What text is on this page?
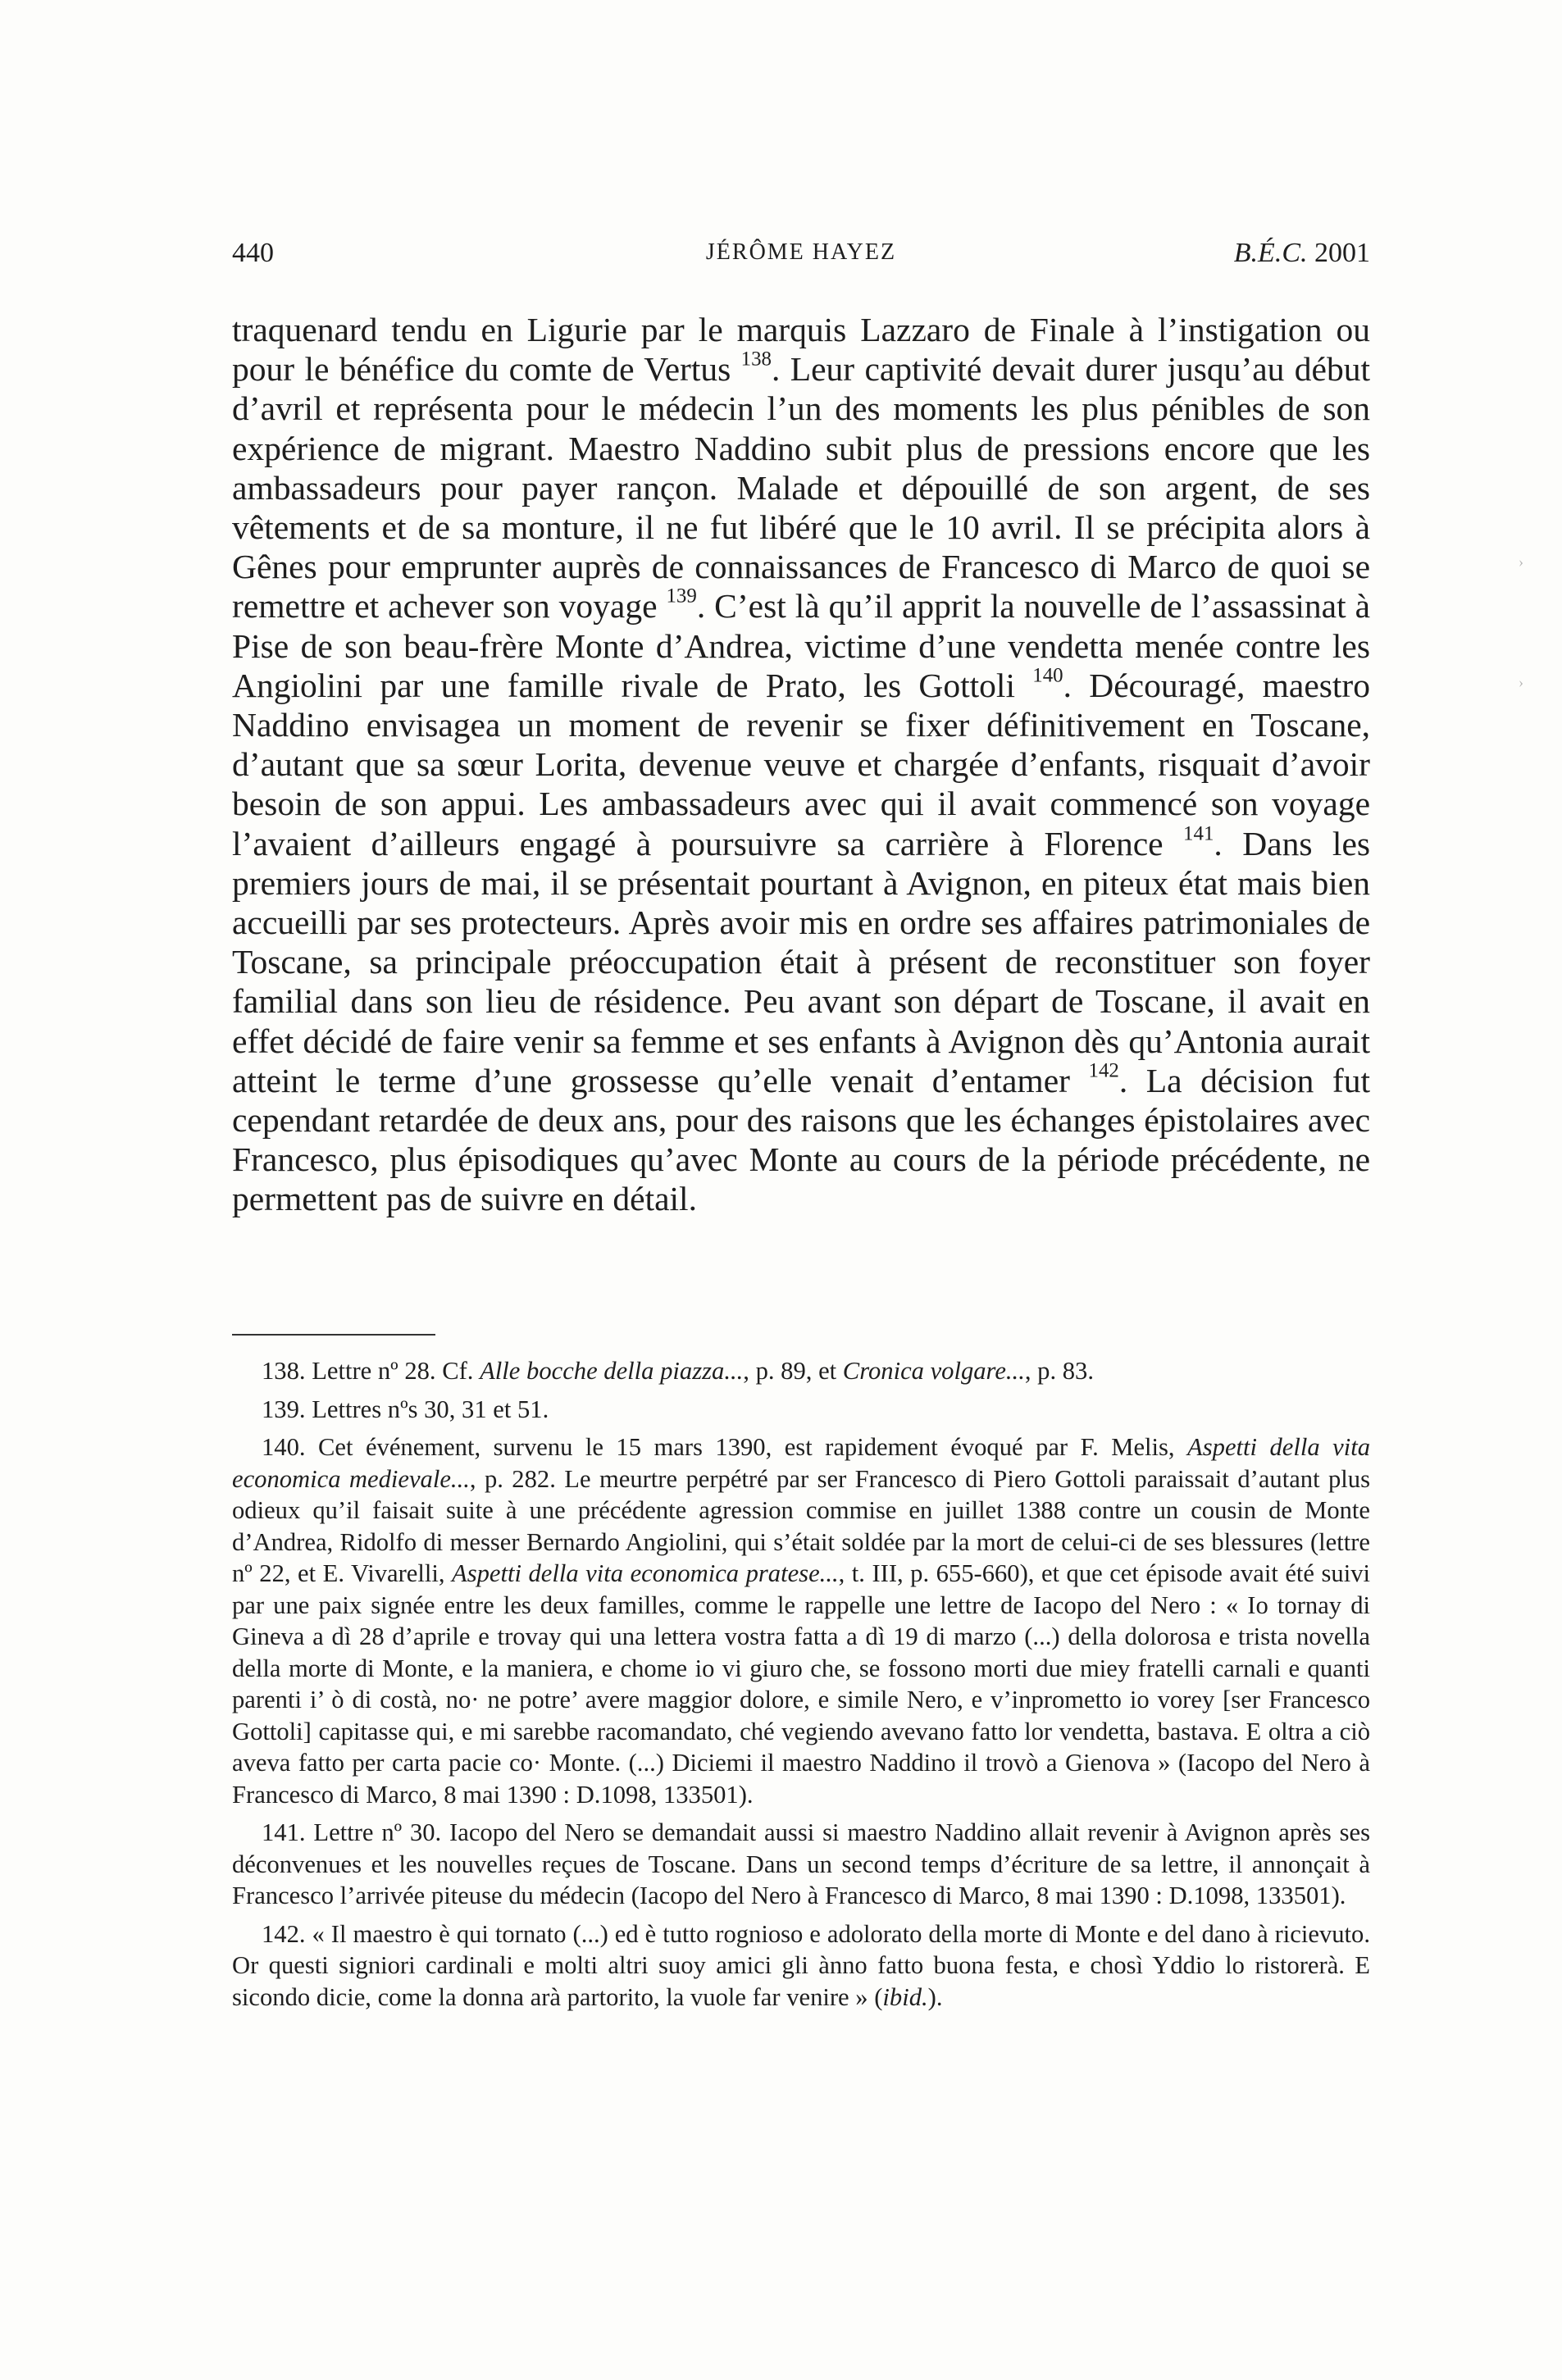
440	JÉRÔME HAYEZ	B.É.C. 2001

traquenard tendu en Ligurie par le marquis Lazzaro de Finale à l’instigation ou pour le bénéfice du comte de Vertus $^{138}$. Leur captivité devait durer jusqu’au début d’avril et représenta pour le médecin l’un des moments les plus pénibles de son expérience de migrant. Maestro Naddino subit plus de pressions encore que les ambassadeurs pour payer rançon. Malade et dépouillé de son argent, de ses vêtements et de sa monture, il ne fut libéré que le 10 avril. Il se précipita alors à Gênes pour emprunter auprès de connaissances de Francesco di Marco de quoi se remettre et achever son voyage $^{139}$. C’est là qu’il apprit la nouvelle de l’assassinat à Pise de son beau-frère Monte d’Andrea, victime d’une vendetta menée contre les Angiolini par une famille rivale de Prato, les Gottoli $^{140}$. Découragé, maestro Naddino envisagea un moment de revenir se fixer définitivement en Toscane, d’autant que sa sœur Lorita, devenue veuve et chargée d’enfants, risquait d’avoir besoin de son appui. Les ambassadeurs avec qui il avait commencé son voyage l’avaient d’ailleurs engagé à poursuivre sa carrière à Florence $^{141}$. Dans les premiers jours de mai, il se présentait pourtant à Avignon, en piteux état mais bien accueilli par ses protecteurs. Après avoir mis en ordre ses affaires patrimoniales de Toscane, sa principale préoccupation était à présent de reconstituer son foyer familial dans son lieu de résidence. Peu avant son départ de Toscane, il avait en effet décidé de faire venir sa femme et ses enfants à Avignon dès qu’Antonia aurait atteint le terme d’une grossesse qu’elle venait d’entamer $^{142}$. La décision fut cependant retardée de deux ans, pour des raisons que les échanges épistolaires avec Francesco, plus épisodiques qu’avec Monte au cours de la période précédente, ne permettent pas de suivre en détail.

138. Lettre nº 28. Cf. Alle bocche della piazza..., p. 89, et Cronica volgare..., p. 83.

139. Lettres nºs 30, 31 et 51.

140. Cet événement, survenu le 15 mars 1390, est rapidement évoqué par F. Melis, Aspetti della vita economica medievale..., p. 282. Le meurtre perpétré par ser Francesco di Piero Gottoli paraissait d’autant plus odieux qu’il faisait suite à une précédente agression commise en juillet 1388 contre un cousin de Monte d’Andrea, Ridolfo di messer Bernardo Angiolini, qui s’était soldée par la mort de celui-ci de ses blessures (lettre nº 22, et E. Vivarelli, Aspetti della vita economica pratese..., t. III, p. 655-660), et que cet épisode avait été suivi par une paix signée entre les deux familles, comme le rappelle une lettre de Iacopo del Nero : « Io tornay di Gineva a dì 28 d’aprile e trovay qui una lettera vostra fatta a dì 19 di marzo (...) della dolorosa e trista novella della morte di Monte, e la maniera, e chome io vi giuro che, se fossono morti due miey fratelli carnali e quanti parenti i’ ò di costà, no· ne potre’ avere maggior dolore, e simile Nero, e v’inprometto io vorey [ser Francesco Gottoli] capitasse qui, e mi sarebbe racomandato, ché vegiendo avevano fatto lor vendetta, bastava. E oltra a ciò aveva fatto per carta pacie co· Monte. (...) Diciemi il maestro Naddino il trovò a Gienova » (Iacopo del Nero à Francesco di Marco, 8 mai 1390 : D.1098, 133501).

141. Lettre nº 30. Iacopo del Nero se demandait aussi si maestro Naddino allait revenir à Avignon après ses déconvenues et les nouvelles reçues de Toscane. Dans un second temps d’écriture de sa lettre, il annonçait à Francesco l’arrivée piteuse du médecin (Iacopo del Nero à Francesco di Marco, 8 mai 1390 : D.1098, 133501).

142. « Il maestro è qui tornato (...) ed è tutto rogniosо e adolorato della morte di Monte e del dano à ricievuto. Or questi signiori cardinali e molti altri suoy amici gli ànno fatto buona festa, e chosì Yddio lo ristorerà. E sicondo dicie, come la donna arà partorito, la vuole far venire » (ibid.).

›
›
